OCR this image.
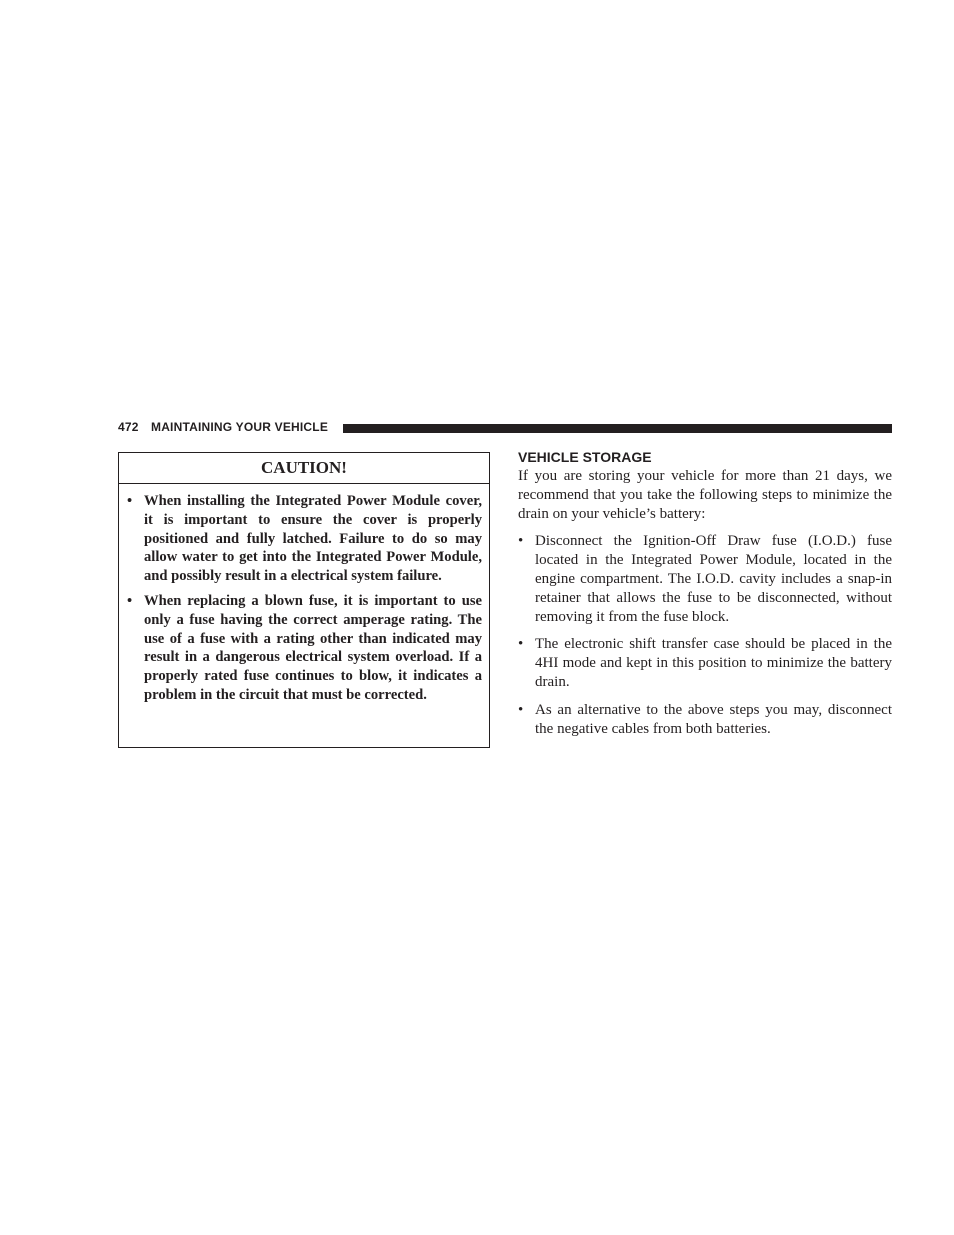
472 MAINTAINING YOUR VEHICLE
CAUTION!
• When installing the Integrated Power Module cover, it is important to ensure the cover is properly positioned and fully latched. Failure to do so may allow water to get into the Integrated Power Module, and possibly result in a electrical system failure.
• When replacing a blown fuse, it is important to use only a fuse having the correct amperage rating. The use of a fuse with a rating other than indicated may result in a dangerous electrical system overload. If a properly rated fuse continues to blow, it indicates a problem in the circuit that must be corrected.
VEHICLE STORAGE

If you are storing your vehicle for more than 21 days, we recommend that you take the following steps to minimize the drain on your vehicle’s battery:

• Disconnect the Ignition-Off Draw fuse (I.O.D.) fuse located in the Integrated Power Module, located in the engine compartment. The I.O.D. cavity includes a snap-in retainer that allows the fuse to be disconnected, without removing it from the fuse block.
• The electronic shift transfer case should be placed in the 4HI mode and kept in this position to minimize the battery drain.
• As an alternative to the above steps you may, disconnect the negative cables from both batteries.
